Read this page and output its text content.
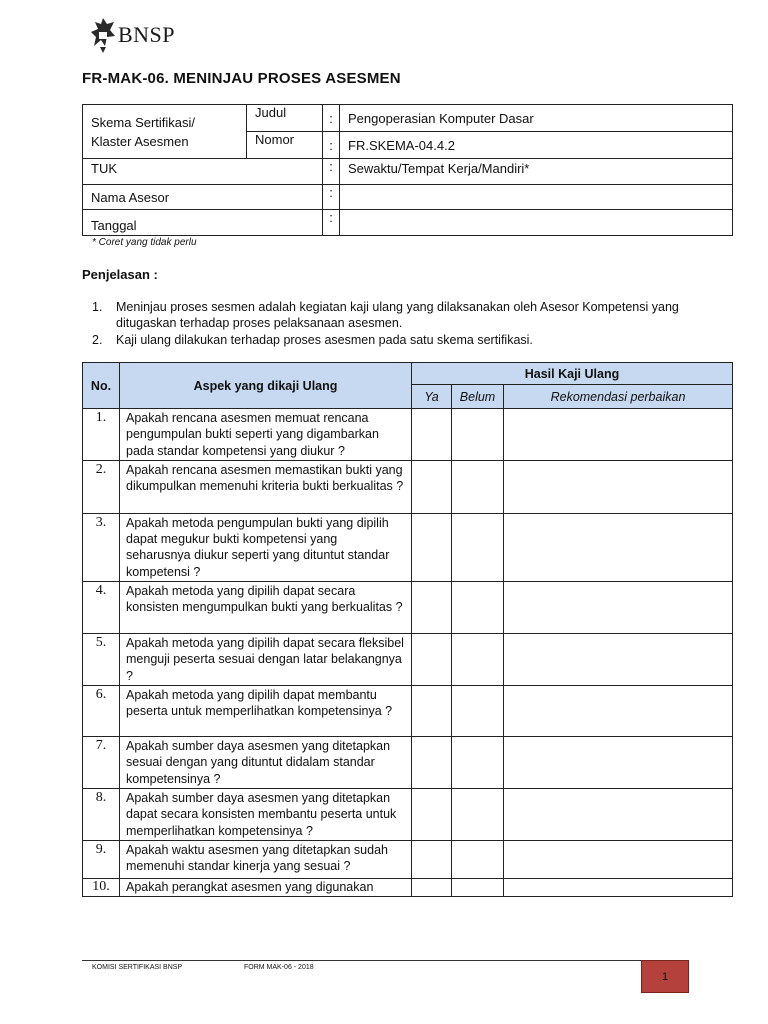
BNSP
FR-MAK-06. MENINJAU PROSES ASESMEN
Skema Sertifikasi/
Klaster Asesmen	Judul	:	Pengoperasian Komputer Dasar
	Nomor	:	FR.SKEMA-04.4.2
TUK		:	Sewaktu/Tempat Kerja/Mandiri*
Nama Asesor		:	
Tanggal		:	
* Coret yang tidak perlu
Penjelasan :
1.	Meninjau proses sesmen adalah kegiatan kaji ulang yang dilaksanakan oleh Asesor Kompetensi yang ditugaskan terhadap proses pelaksanaan asesmen.
2.	Kaji ulang dilakukan terhadap proses asesmen pada satu skema sertifikasi.
No.	Aspek yang dikaji Ulang	Hasil Kaji Ulang		
		Ya	Belum	Rekomendasi perbaikan
1.	Apakah rencana asesmen memuat rencana pengumpulan bukti seperti yang digambarkan pada standar kompetensi yang diukur ?			
2.	Apakah rencana asesmen memastikan bukti yang dikumpulkan memenuhi kriteria bukti berkualitas ?			
3.	Apakah metoda pengumpulan bukti yang dipilih dapat megukur bukti kompetensi yang seharusnya diukur seperti yang dituntut standar kompetensi ?			
4.	Apakah metoda yang dipilih dapat secara konsisten mengumpulkan bukti yang berkualitas ?			
5.	Apakah metoda yang dipilih dapat secara fleksibel menguji peserta sesuai dengan latar belakangnya ?			
6.	Apakah metoda yang dipilih dapat membantu peserta untuk memperlihatkan kompetensinya ?			
7.	Apakah sumber daya asesmen yang ditetapkan sesuai dengan yang dituntut didalam standar kompetensinya ?			
8.	Apakah sumber daya asesmen yang ditetapkan dapat secara konsisten membantu peserta untuk memperlihatkan kompetensinya ?			
9.	Apakah waktu asesmen yang ditetapkan sudah memenuhi standar kinerja yang sesuai ?			
10.	Apakah perangkat asesmen yang digunakan			
KOMISI SERTIFIKASI BNSP	FORM MAK-06 - 2018
1
